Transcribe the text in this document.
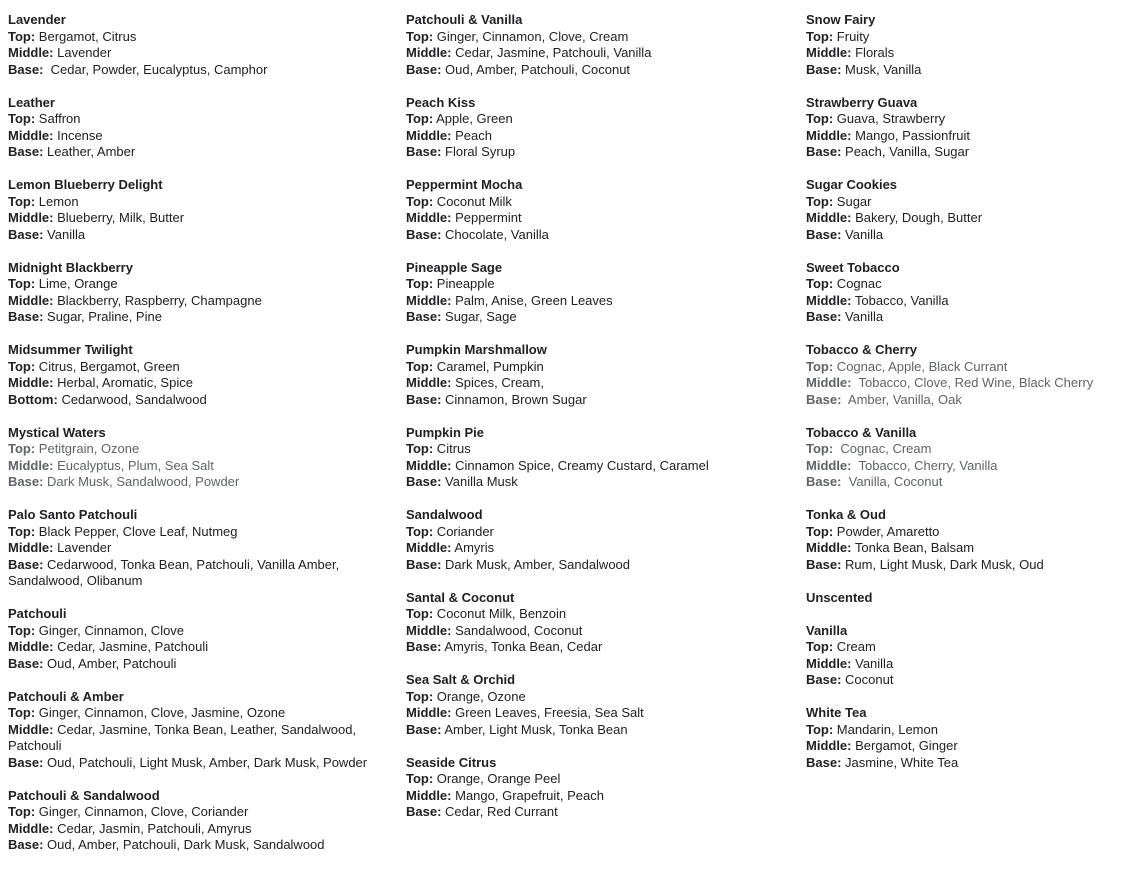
Lavender
Top: Bergamot, Citrus
Middle: Lavender
Base:  Cedar, Powder, Eucalyptus, Camphor
Leather
Top: Saffron
Middle: Incense
Base: Leather, Amber
Lemon Blueberry Delight
Top: Lemon
Middle: Blueberry, Milk, Butter
Base: Vanilla
Midnight Blackberry
Top: Lime, Orange
Middle: Blackberry, Raspberry, Champagne
Base: Sugar, Praline, Pine
Midsummer Twilight
Top: Citrus, Bergamot, Green
Middle: Herbal, Aromatic, Spice
Bottom: Cedarwood, Sandalwood
Mystical Waters
Top: Petitgrain, Ozone
Middle: Eucalyptus, Plum, Sea Salt
Base: Dark Musk, Sandalwood, Powder
Palo Santo Patchouli
Top: Black Pepper, Clove Leaf, Nutmeg
Middle: Lavender
Base: Cedarwood, Tonka Bean, Patchouli, Vanilla Amber, Sandalwood, Olibanum
Patchouli
Top: Ginger, Cinnamon, Clove
Middle: Cedar, Jasmine, Patchouli
Base: Oud, Amber, Patchouli
Patchouli & Amber
Top: Ginger, Cinnamon, Clove, Jasmine, Ozone
Middle: Cedar, Jasmine, Tonka Bean, Leather, Sandalwood, Patchouli
Base: Oud, Patchouli, Light Musk, Amber, Dark Musk, Powder
Patchouli & Sandalwood
Top: Ginger, Cinnamon, Clove, Coriander
Middle: Cedar, Jasmin, Patchouli, Amyrus
Base: Oud, Amber, Patchouli, Dark Musk, Sandalwood
Patchouli & Vanilla
Top: Ginger, Cinnamon, Clove, Cream
Middle: Cedar, Jasmine, Patchouli, Vanilla
Base: Oud, Amber, Patchouli, Coconut
Peach Kiss
Top: Apple, Green
Middle: Peach
Base: Floral Syrup
Peppermint Mocha
Top: Coconut Milk
Middle: Peppermint
Base: Chocolate, Vanilla
Pineapple Sage
Top: Pineapple
Middle: Palm, Anise, Green Leaves
Base: Sugar, Sage
Pumpkin Marshmallow
Top: Caramel, Pumpkin
Middle: Spices, Cream,
Base: Cinnamon, Brown Sugar
Pumpkin Pie
Top: Citrus
Middle: Cinnamon Spice, Creamy Custard, Caramel
Base: Vanilla Musk
Sandalwood
Top: Coriander
Middle: Amyris
Base: Dark Musk, Amber, Sandalwood
Santal & Coconut
Top: Coconut Milk, Benzoin
Middle: Sandalwood, Coconut
Base: Amyris, Tonka Bean, Cedar
Sea Salt & Orchid
Top: Orange, Ozone
Middle: Green Leaves, Freesia, Sea Salt
Base: Amber, Light Musk, Tonka Bean
Seaside Citrus
Top: Orange, Orange Peel
Middle: Mango, Grapefruit, Peach
Base: Cedar, Red Currant
Snow Fairy
Top: Fruity
Middle: Florals
Base: Musk, Vanilla
Strawberry Guava
Top: Guava, Strawberry
Middle: Mango, Passionfruit
Base: Peach, Vanilla, Sugar
Sugar Cookies
Top: Sugar
Middle: Bakery, Dough, Butter
Base: Vanilla
Sweet Tobacco
Top: Cognac
Middle: Tobacco, Vanilla
Base: Vanilla
Tobacco & Cherry
Top: Cognac, Apple, Black Currant
Middle:  Tobacco, Clove, Red Wine, Black Cherry
Base:  Amber, Vanilla, Oak
Tobacco & Vanilla
Top:  Cognac, Cream
Middle:  Tobacco, Cherry, Vanilla
Base:  Vanilla, Coconut
Tonka & Oud
Top: Powder, Amaretto
Middle: Tonka Bean, Balsam
Base: Rum, Light Musk, Dark Musk, Oud
Unscented
Vanilla
Top: Cream
Middle: Vanilla
Base: Coconut
White Tea
Top: Mandarin, Lemon
Middle: Bergamot, Ginger
Base: Jasmine, White Tea
